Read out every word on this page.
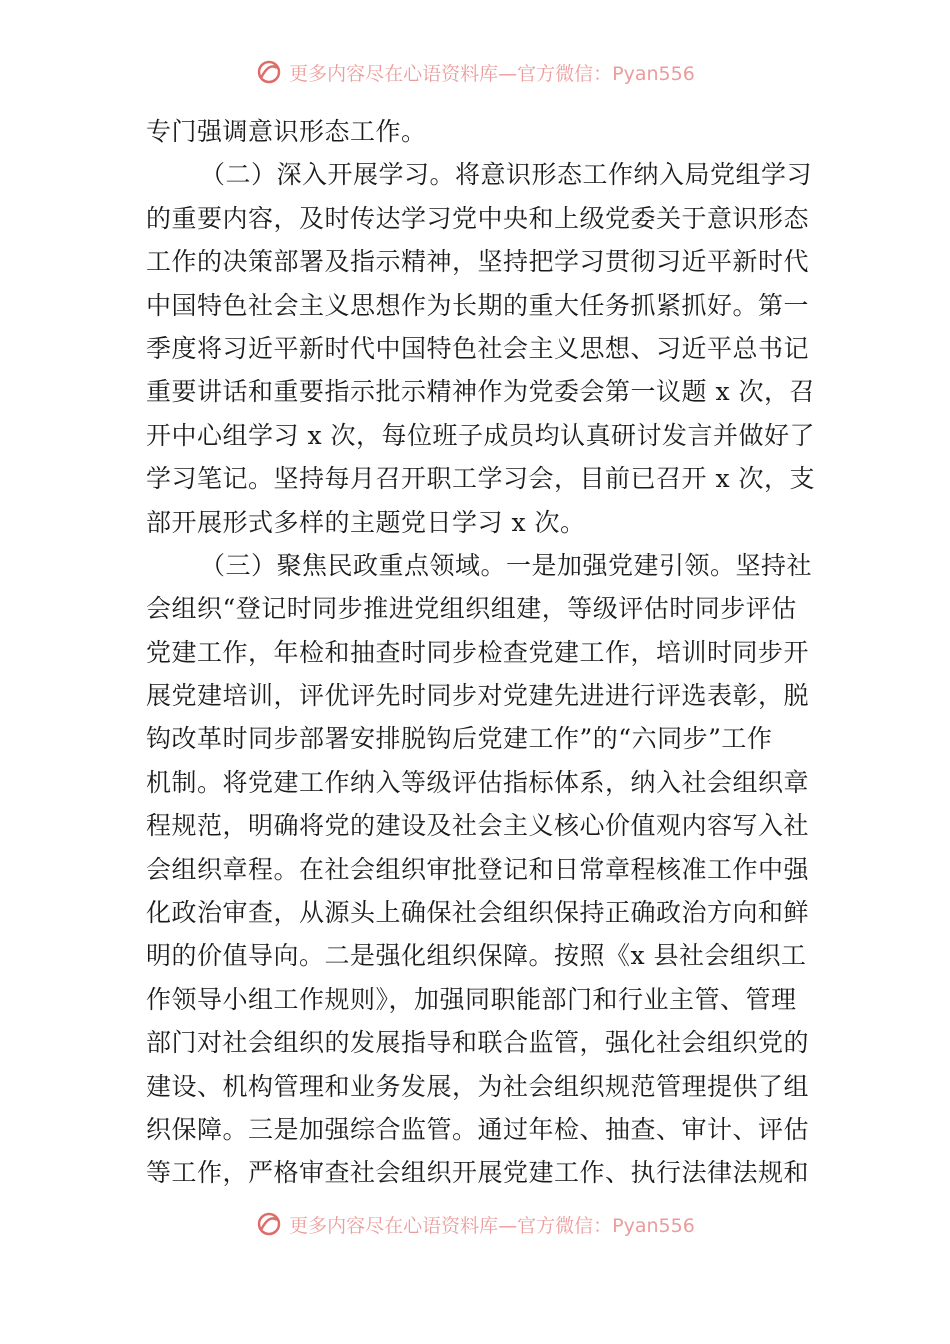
更多内容尽在心语资料库—官方微信：Pyan556
专门强调意识形态工作。
（二）深入开展学习。将意识形态工作纳入局党组学习
的重要内容，及时传达学习党中央和上级党委关于意识形态
工作的决策部署及指示精神，坚持把学习贯彻习近平新时代
中国特色社会主义思想作为长期的重大任务抓紧抓好。第一
季度将习近平新时代中国特色社会主义思想、习近平总书记
重要讲话和重要指示批示精神作为党委会第一议题 x 次，召
开中心组学习 x 次，每位班子成员均认真研讨发言并做好了
学习笔记。坚持每月召开职工学习会，目前已召开 x 次，支
部开展形式多样的主题党日学习 x 次。
（三）聚焦民政重点领域。一是加强党建引领。坚持社
会组织“登记时同步推进党组织组建，等级评估时同步评估
党建工作，年检和抽查时同步检查党建工作，培训时同步开
展党建培训，评优评先时同步对党建先进进行评选表彰，脱
钩改革时同步部署安排脱钩后党建工作”的“六同步”工作
机制。将党建工作纳入等级评估指标体系，纳入社会组织章
程规范，明确将党的建设及社会主义核心价值观内容写入社
会组织章程。在社会组织审批登记和日常章程核准工作中强
化政治审查，从源头上确保社会组织保持正确政治方向和鲜
明的价值导向。二是强化组织保障。按照《x 县社会组织工
作领导小组工作规则》，加强同职能部门和行业主管、管理
部门对社会组织的发展指导和联合监管，强化社会组织党的
建设、机构管理和业务发展，为社会组织规范管理提供了组
织保障。三是加强综合监管。通过年检、抽查、审计、评估
等工作，严格审查社会组织开展党建工作、执行法律法规和
更多内容尽在心语资料库—官方微信：Pyan556
